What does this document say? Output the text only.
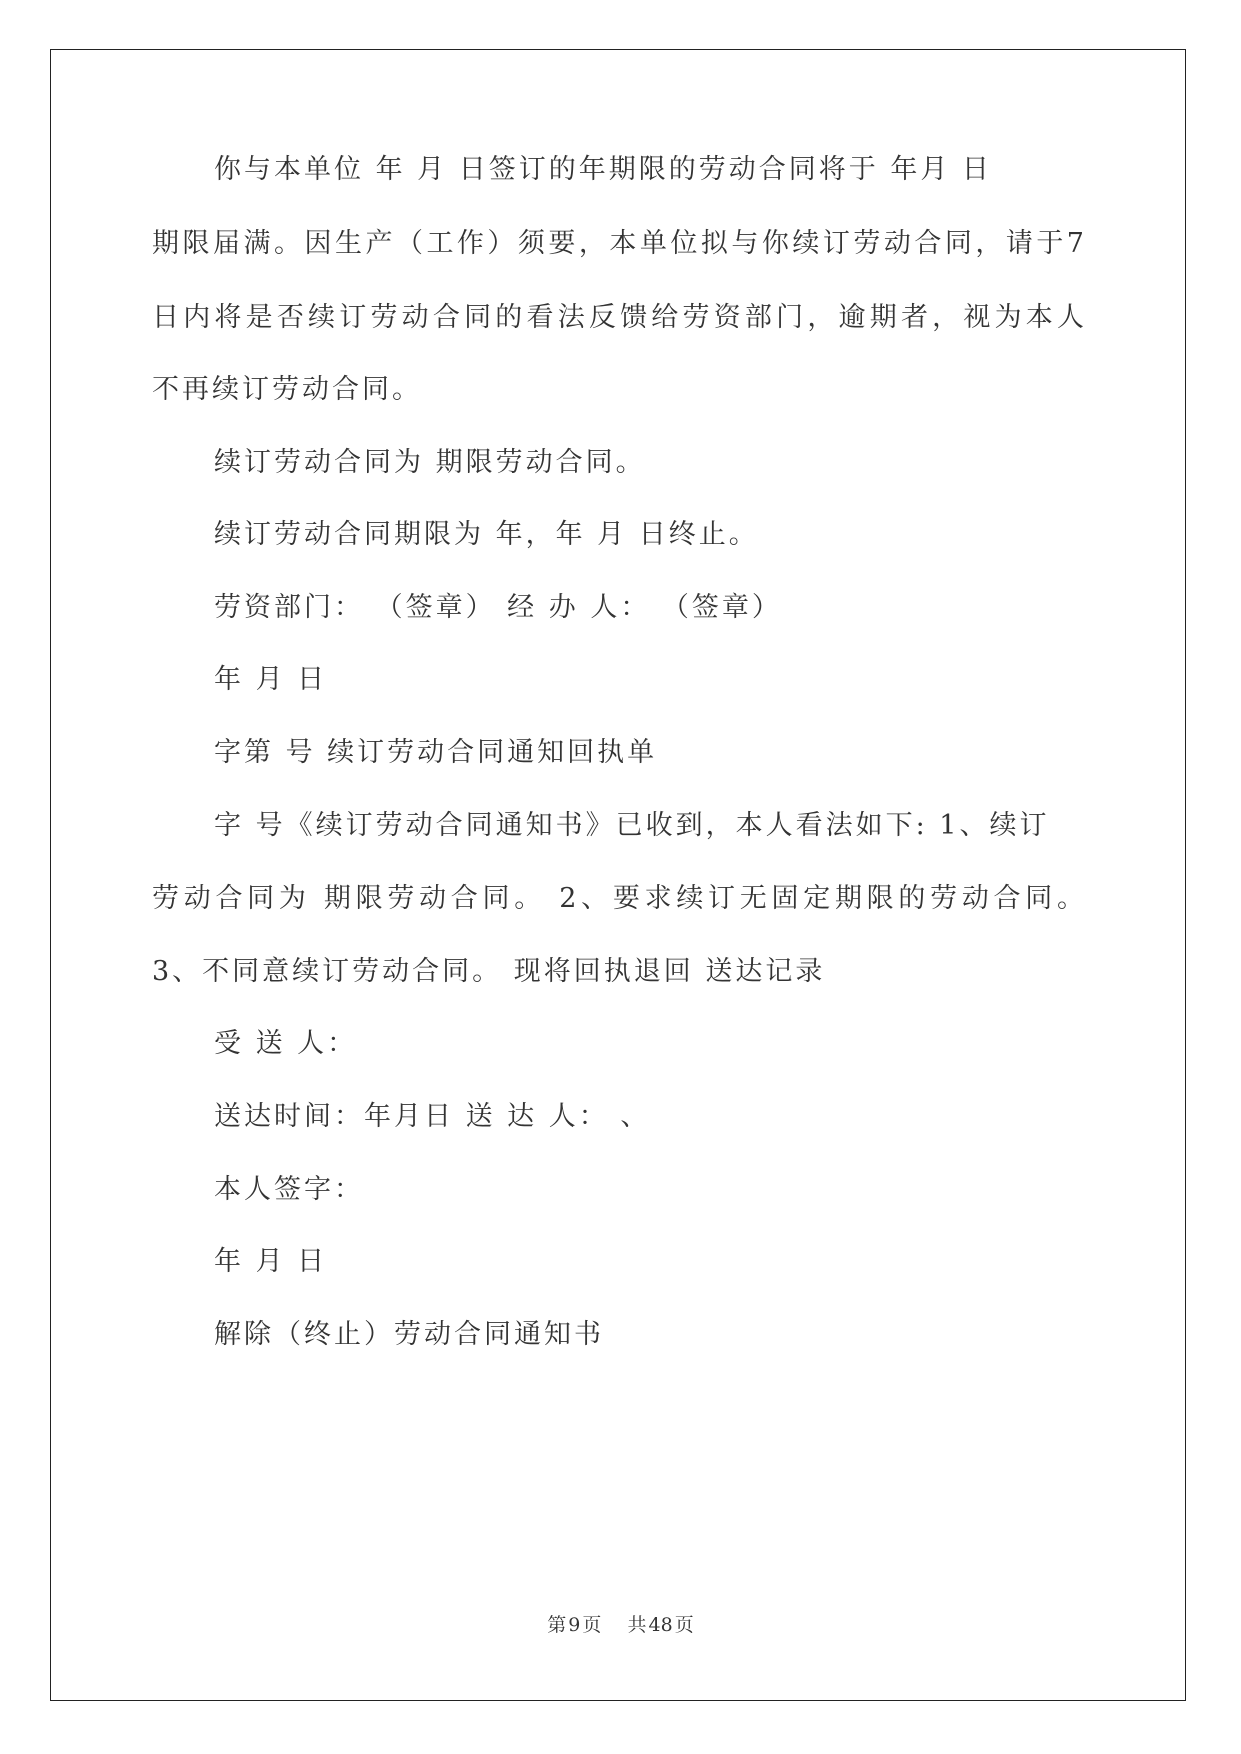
你与本单位 年 月 日签订的年期限的劳动合同将于 年月 日
期限届满。因生产（工作）须要，本单位拟与你续订劳动合同，请于7
日内将是否续订劳动合同的看法反馈给劳资部门，逾期者，视为本人
不再续订劳动合同。
续订劳动合同为 期限劳动合同。
续订劳动合同期限为 年，年 月 日终止。
劳资部门： （签章） 经 办 人： （签章）
年 月 日
字第 号 续订劳动合同通知回执单
字 号《续订劳动合同通知书》已收到，本人看法如下: 1、续订
劳动合同为 期限劳动合同。 2、要求续订无固定期限的劳动合同。
3、不同意续订劳动合同。 现将回执退回 送达记录
受 送 人：
送达时间：年月日 送 达 人： 、
本人签字：
年 月 日
解除（终止）劳动合同通知书
第 9 页 共 48 页
